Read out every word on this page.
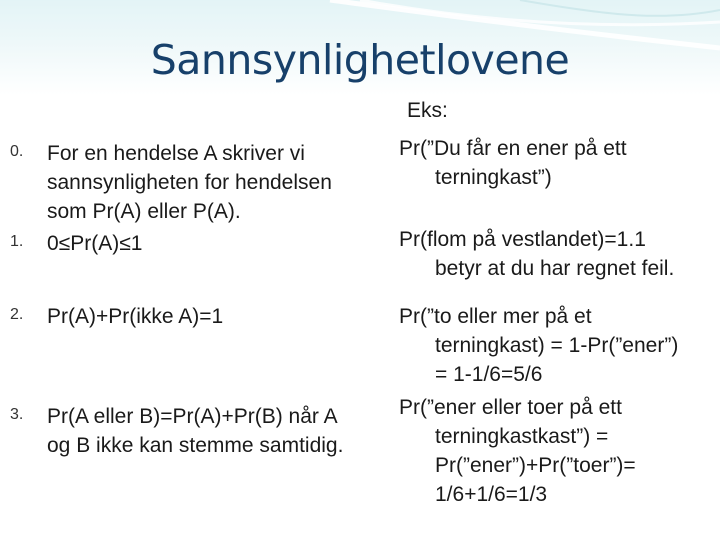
Sannsynlighetlovene
0. For en hendelse A skriver vi
sannsynligheten for hendelsen
som Pr(A) eller P(A).
1. 0≤Pr(A)≤1
2. Pr(A)+Pr(ikke A)=1
3. Pr(A eller B)=Pr(A)+Pr(B) når A
og B ikke kan stemme samtidig.
Eks:
Pr(”Du får en ener på ett
terningkast”)
Pr(flom på vestlandet)=1.1
betyr at du har regnet feil.
Pr(”to eller mer på et
terningkast) = 1-Pr(”ener”)
= 1-1/6=5/6
Pr(”ener eller toer på ett
terningkastkast”) =
Pr(”ener”)+Pr(”toer”)=
1/6+1/6=1/3
